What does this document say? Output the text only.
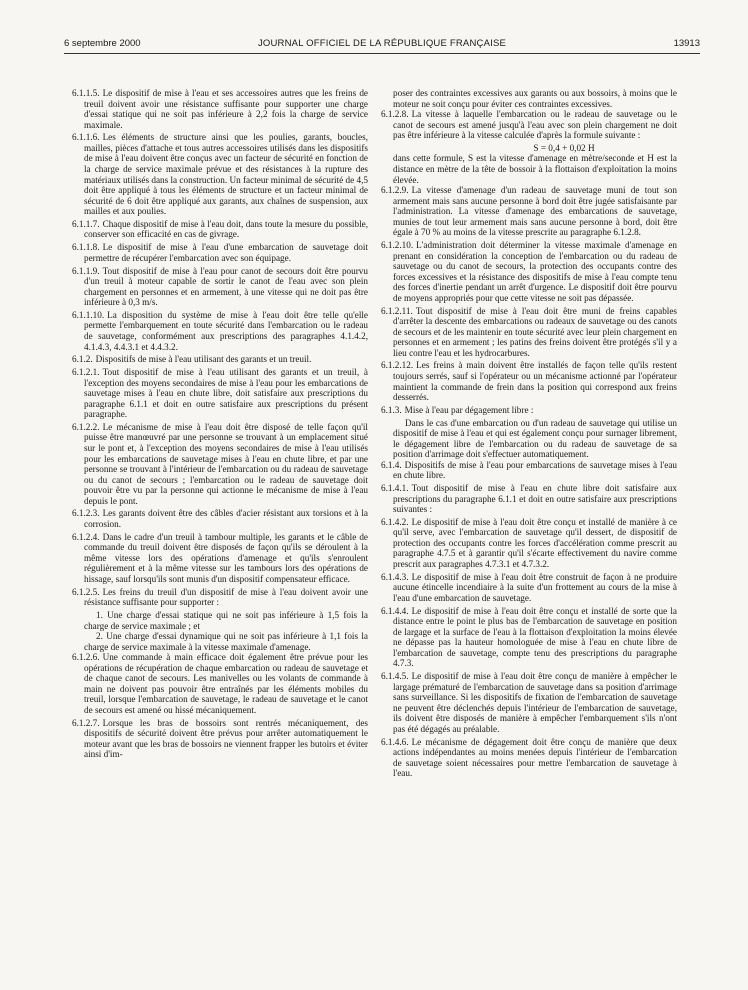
6 septembre 2000	JOURNAL OFFICIEL DE LA RÉPUBLIQUE FRANÇAISE	13913

6.1.1.5. Le dispositif de mise à l'eau et ses accessoires autres que les freins de treuil doivent avoir une résistance suffisante pour supporter une charge d'essai statique qui ne soit pas inférieure à 2,2 fois la charge de service maximale.

6.1.1.6. Les éléments de structure ainsi que les poulies, garants, boucles, mailles, pièces d'attache et tous autres accessoires utilisés dans les dispositifs de mise à l'eau doivent être conçus avec un facteur de sécurité en fonction de la charge de service maximale prévue et des résistances à la rupture des matériaux utilisés dans la construction. Un facteur minimal de sécurité de 4,5 doit être appliqué à tous les éléments de structure et un facteur minimal de sécurité de 6 doit être appliqué aux garants, aux chaînes de suspension, aux mailles et aux poulies.

6.1.1.7. Chaque dispositif de mise à l'eau doit, dans toute la mesure du possible, conserver son efficacité en cas de givrage.

6.1.1.8. Le dispositif de mise à l'eau d'une embarcation de sauvetage doit permettre de récupérer l'embarcation avec son équipage.

6.1.1.9. Tout dispositif de mise à l'eau pour canot de secours doit être pourvu d'un treuil à moteur capable de sortir le canot de l'eau avec son plein chargement en personnes et en armement, à une vitesse qui ne doit pas être inférieure à 0,3 m/s.

6.1.1.10. La disposition du système de mise à l'eau doit être telle qu'elle permette l'embarquement en toute sécurité dans l'embarcation ou le radeau de sauvetage, conformément aux prescriptions des paragraphes 4.1.4.2, 4.1.4.3, 4.4.3.1 et 4.4.3.2.

6.1.2. Dispositifs de mise à l'eau utilisant des garants et un treuil.

6.1.2.1. Tout dispositif de mise à l'eau utilisant des garants et un treuil, à l'exception des moyens secondaires de mise à l'eau pour les embarcations de sauvetage mises à l'eau en chute libre, doit satisfaire aux prescriptions du paragraphe 6.1.1 et doit en outre satisfaire aux prescriptions du présent paragraphe.

6.1.2.2. Le mécanisme de mise à l'eau doit être disposé de telle façon qu'il puisse être manœuvré par une personne se trouvant à un emplacement situé sur le pont et, à l'exception des moyens secondaires de mise à l'eau utilisés pour les embarcations de sauvetage mises à l'eau en chute libre, et par une personne se trouvant à l'intérieur de l'embarcation ou du radeau de sauvetage ou du canot de secours ; l'embarcation ou le radeau de sauvetage doit pouvoir être vu par la personne qui actionne le mécanisme de mise à l'eau depuis le pont.

6.1.2.3. Les garants doivent être des câbles d'acier résistant aux torsions et à la corrosion.

6.1.2.4. Dans le cadre d'un treuil à tambour multiple, les garants et le câble de commande du treuil doivent être disposés de façon qu'ils se déroulent à la même vitesse lors des opérations d'amenage et qu'ils s'enroulent régulièrement et à la même vitesse sur les tambours lors des opérations de hissage, sauf lorsqu'ils sont munis d'un dispositif compensateur efficace.

6.1.2.5. Les freins du treuil d'un dispositif de mise à l'eau doivent avoir une résistance suffisante pour supporter :

1. Une charge d'essai statique qui ne soit pas inférieure à 1,5 fois la charge de service maximale ; et

2. Une charge d'essai dynamique qui ne soit pas inférieure à 1,1 fois la charge de service maximale à la vitesse maximale d'amenage.

6.1.2.6. Une commande à main efficace doit également être prévue pour les opérations de récupération de chaque embarcation ou radeau de sauvetage et de chaque canot de secours. Les manivelles ou les volants de commande à main ne doivent pas pouvoir être entraînés par les éléments mobiles du treuil, lorsque l'embarcation de sauvetage, le radeau de sauvetage et le canot de secours est amené ou hissé mécaniquement.

6.1.2.7. Lorsque les bras de bossoirs sont rentrés mécaniquement, des dispositifs de sécurité doivent être prévus pour arrêter automatiquement le moteur avant que les bras de bossoirs ne viennent frapper les butoirs et éviter ainsi d'im-

poser des contraintes excessives aux garants ou aux bossoirs, à moins que le moteur ne soit conçu pour éviter ces contraintes excessives.

6.1.2.8. La vitesse à laquelle l'embarcation ou le radeau de sauvetage ou le canot de secours est amené jusqu'à l'eau avec son plein chargement ne doit pas être inférieure à la vitesse calculée d'après la formule suivante :

S = 0,4 + 0,02 H

dans cette formule, S est la vitesse d'amenage en mètre/seconde et H est la distance en mètre de la tête de bossoir à la flottaison d'exploitation la moins élevée.

6.1.2.9. La vitesse d'amenage d'un radeau de sauvetage muni de tout son armement mais sans aucune personne à bord doit être jugée satisfaisante par l'administration. La vitesse d'amenage des embarcations de sauvetage, munies de tout leur armement mais sans aucune personne à bord, doit être égale à 70 % au moins de la vitesse prescrite au paragraphe 6.1.2.8.

6.1.2.10. L'administration doit déterminer la vitesse maximale d'amenage en prenant en considération la conception de l'embarcation ou du radeau de sauvetage ou du canot de secours, la protection des occupants contre des forces excessives et la résistance des dispositifs de mise à l'eau compte tenu des forces d'inertie pendant un arrêt d'urgence. Le dispositif doit être pourvu de moyens appropriés pour que cette vitesse ne soit pas dépassée.

6.1.2.11. Tout dispositif de mise à l'eau doit être muni de freins capables d'arrêter la descente des embarcations ou radeaux de sauvetage ou des canots de secours et de les maintenir en toute sécurité avec leur plein chargement en personnes et en armement ; les patins des freins doivent être protégés s'il y a lieu contre l'eau et les hydrocarbures.

6.1.2.12. Les freins à main doivent être installés de façon telle qu'ils restent toujours serrés, sauf si l'opérateur ou un mécanisme actionné par l'opérateur maintient la commande de frein dans la position qui correspond aux freins desserrés.

6.1.3. Mise à l'eau par dégagement libre :

Dans le cas d'une embarcation ou d'un radeau de sauvetage qui utilise un dispositif de mise à l'eau et qui est également conçu pour surnager librement, le dégagement libre de l'embarcation ou du radeau de sauvetage de sa position d'arrimage doit s'effectuer automatiquement.

6.1.4. Dispositifs de mise à l'eau pour embarcations de sauvetage mises à l'eau en chute libre.

6.1.4.1. Tout dispositif de mise à l'eau en chute libre doit satisfaire aux prescriptions du paragraphe 6.1.1 et doit en outre satisfaire aux prescriptions suivantes :

6.1.4.2. Le dispositif de mise à l'eau doit être conçu et installé de manière à ce qu'il serve, avec l'embarcation de sauvetage qu'il dessert, de dispositif de protection des occupants contre les forces d'accélération comme prescrit au paragraphe 4.7.5 et à garantir qu'il s'écarte effectivement du navire comme prescrit aux paragraphes 4.7.3.1 et 4.7.3.2.

6.1.4.3. Le dispositif de mise à l'eau doit être construit de façon à ne produire aucune étincelle incendiaire à la suite d'un frottement au cours de la mise à l'eau d'une embarcation de sauvetage.

6.1.4.4. Le dispositif de mise à l'eau doit être conçu et installé de sorte que la distance entre le point le plus bas de l'embarcation de sauvetage en position de largage et la surface de l'eau à la flottaison d'exploitation la moins élevée ne dépasse pas la hauteur homologuée de mise à l'eau en chute libre de l'embarcation de sauvetage, compte tenu des prescriptions du paragraphe 4.7.3.

6.1.4.5. Le dispositif de mise à l'eau doit être conçu de manière à empêcher le largage prématuré de l'embarcation de sauvetage dans sa position d'arrimage sans surveillance. Si les dispositifs de fixation de l'embarcation de sauvetage ne peuvent être déclenchés depuis l'intérieur de l'embarcation de sauvetage, ils doivent être disposés de manière à empêcher l'embarquement s'ils n'ont pas été dégagés au préalable.

6.1.4.6. Le mécanisme de dégagement doit être conçu de manière que deux actions indépendantes au moins menées depuis l'intérieur de l'embarcation de sauvetage soient nécessaires pour mettre l'embarcation de sauvetage à l'eau.
